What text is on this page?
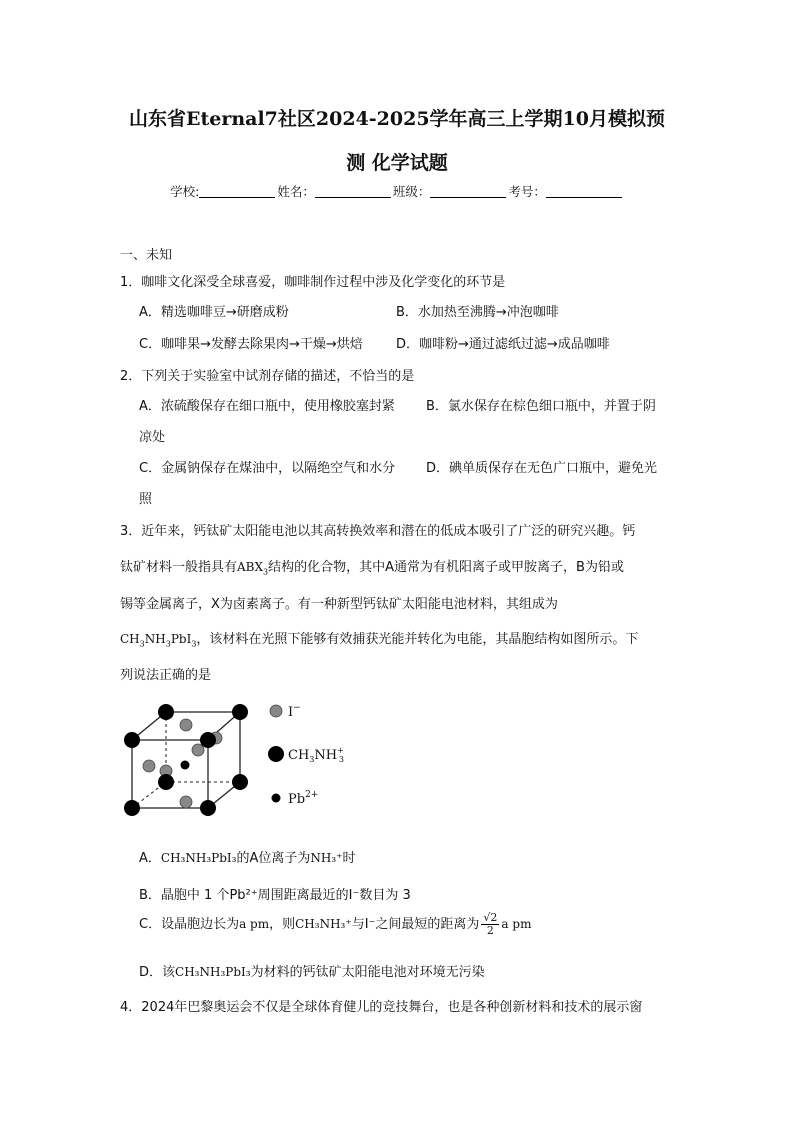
山东省Eternal7社区2024-2025学年高三上学期10月模拟预
测 化学试题
学校:	姓名：	班级：	考号：
一、未知
1．咖啡文化深受全球喜爱，咖啡制作过程中涉及化学变化的环节是
A．精选咖啡豆→研磨成粉	B．水加热至沸腾→冲泡咖啡
C．咖啡果→发酵去除果肉→干燥→烘焙	D．咖啡粉→通过滤纸过滤→成品咖啡
2．下列关于实验室中试剂存储的描述，不恰当的是
A．浓硫酸保存在细口瓶中，使用橡胶塞封紧 B．氯水保存在棕色细口瓶中，并置于阴
凉处
C．金属钠保存在煤油中，以隔绝空气和水分 D．碘单质保存在无色广口瓶中，避免光
照
3．近年来，钙钛矿太阳能电池以其高转换效率和潜在的低成本吸引了广泛的研究兴趣。钙
钛矿材料一般指具有$ABX_3$结构的化合物，其中A通常为有机阳离子或甲胺离子，B为铅或
锡等金属离子，X为卤素离子。有一种新型钙钛矿太阳能电池材料，其组成为
$CH_3NH_3PbI_3$，该材料在光照下能够有效捕获光能并转化为电能，其晶胞结构如图所示。下
列说法正确的是
I−
$CH_3NH^+$ 3
$Pb^{2+}$
A．CH₃NH₃PbI₃的A位离子为NH₃⁺时
B．晶胞中 1 个Pb²⁺周围距离最近的I⁻数目为 3
C．设晶胞边长为a pm，则CH₃NH₃⁺与I⁻之间最短的距离为 $\frac{√2}{2}$ a pm
D．该CH₃NH₃PbI₃为材料的钙钛矿太阳能电池对环境无污染
4．2024年巴黎奥运会不仅是全球体育健儿的竞技舞台，也是各种创新材料和技术的展示窗
